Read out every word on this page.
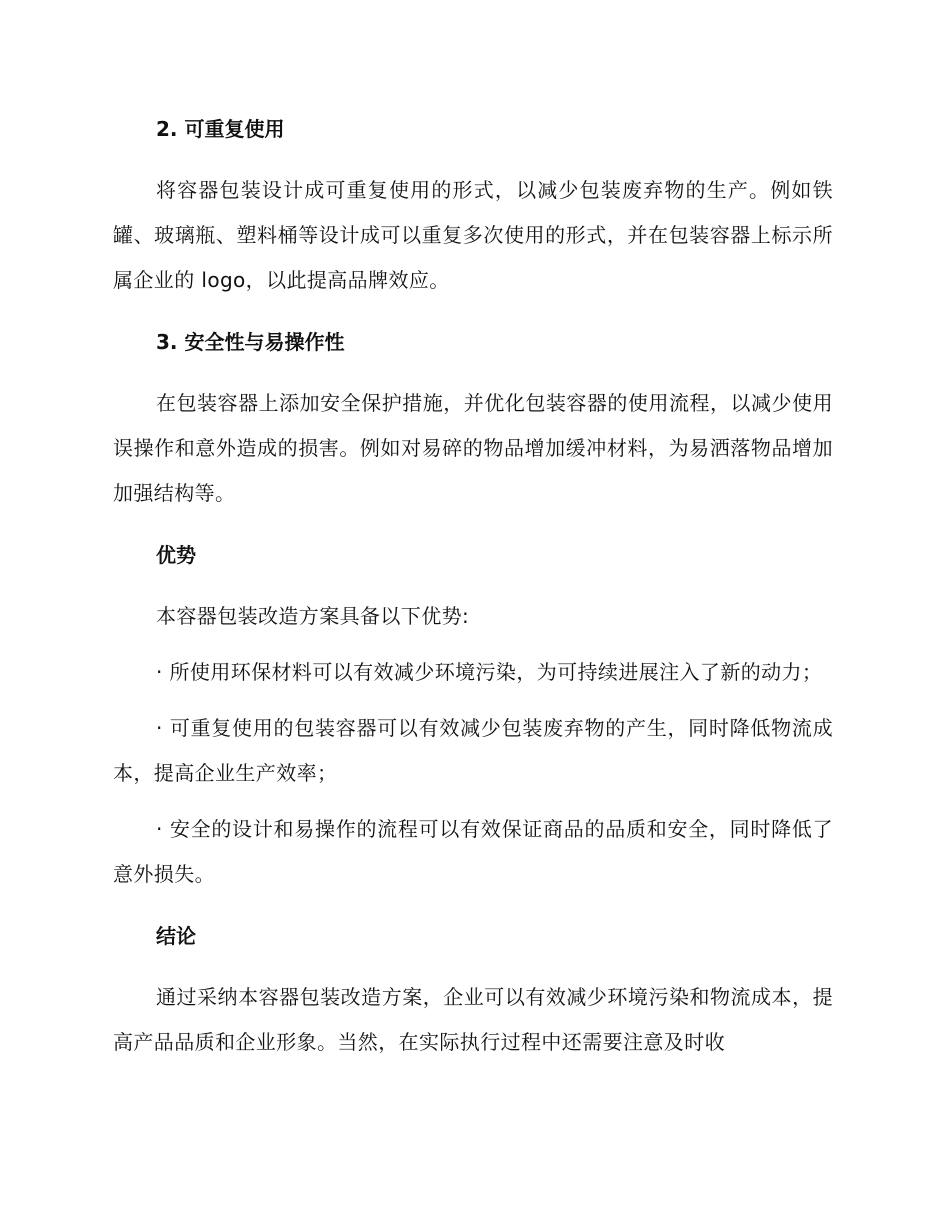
2. 可重复使用

将容器包装设计成可重复使用的形式，以减少包装废弃物的生产。例如铁罐、玻璃瓶、塑料桶等设计成可以重复多次使用的形式，并在包装容器上标示所属企业的 logo，以此提高品牌效应。

3. 安全性与易操作性

在包装容器上添加安全保护措施，并优化包装容器的使用流程，以减少使用误操作和意外造成的损害。例如对易碎的物品增加缓冲材料，为易洒落物品增加加强结构等。

优势

本容器包装改造方案具备以下优势:

· 所使用环保材料可以有效减少环境污染，为可持续进展注入了新的动力；

· 可重复使用的包装容器可以有效减少包装废弃物的产生，同时降低物流成本，提高企业生产效率；

· 安全的设计和易操作的流程可以有效保证商品的品质和安全，同时降低了意外损失。

结论

通过采纳本容器包装改造方案，企业可以有效减少环境污染和物流成本，提高产品品质和企业形象。当然，在实际执行过程中还需要注意及时收
